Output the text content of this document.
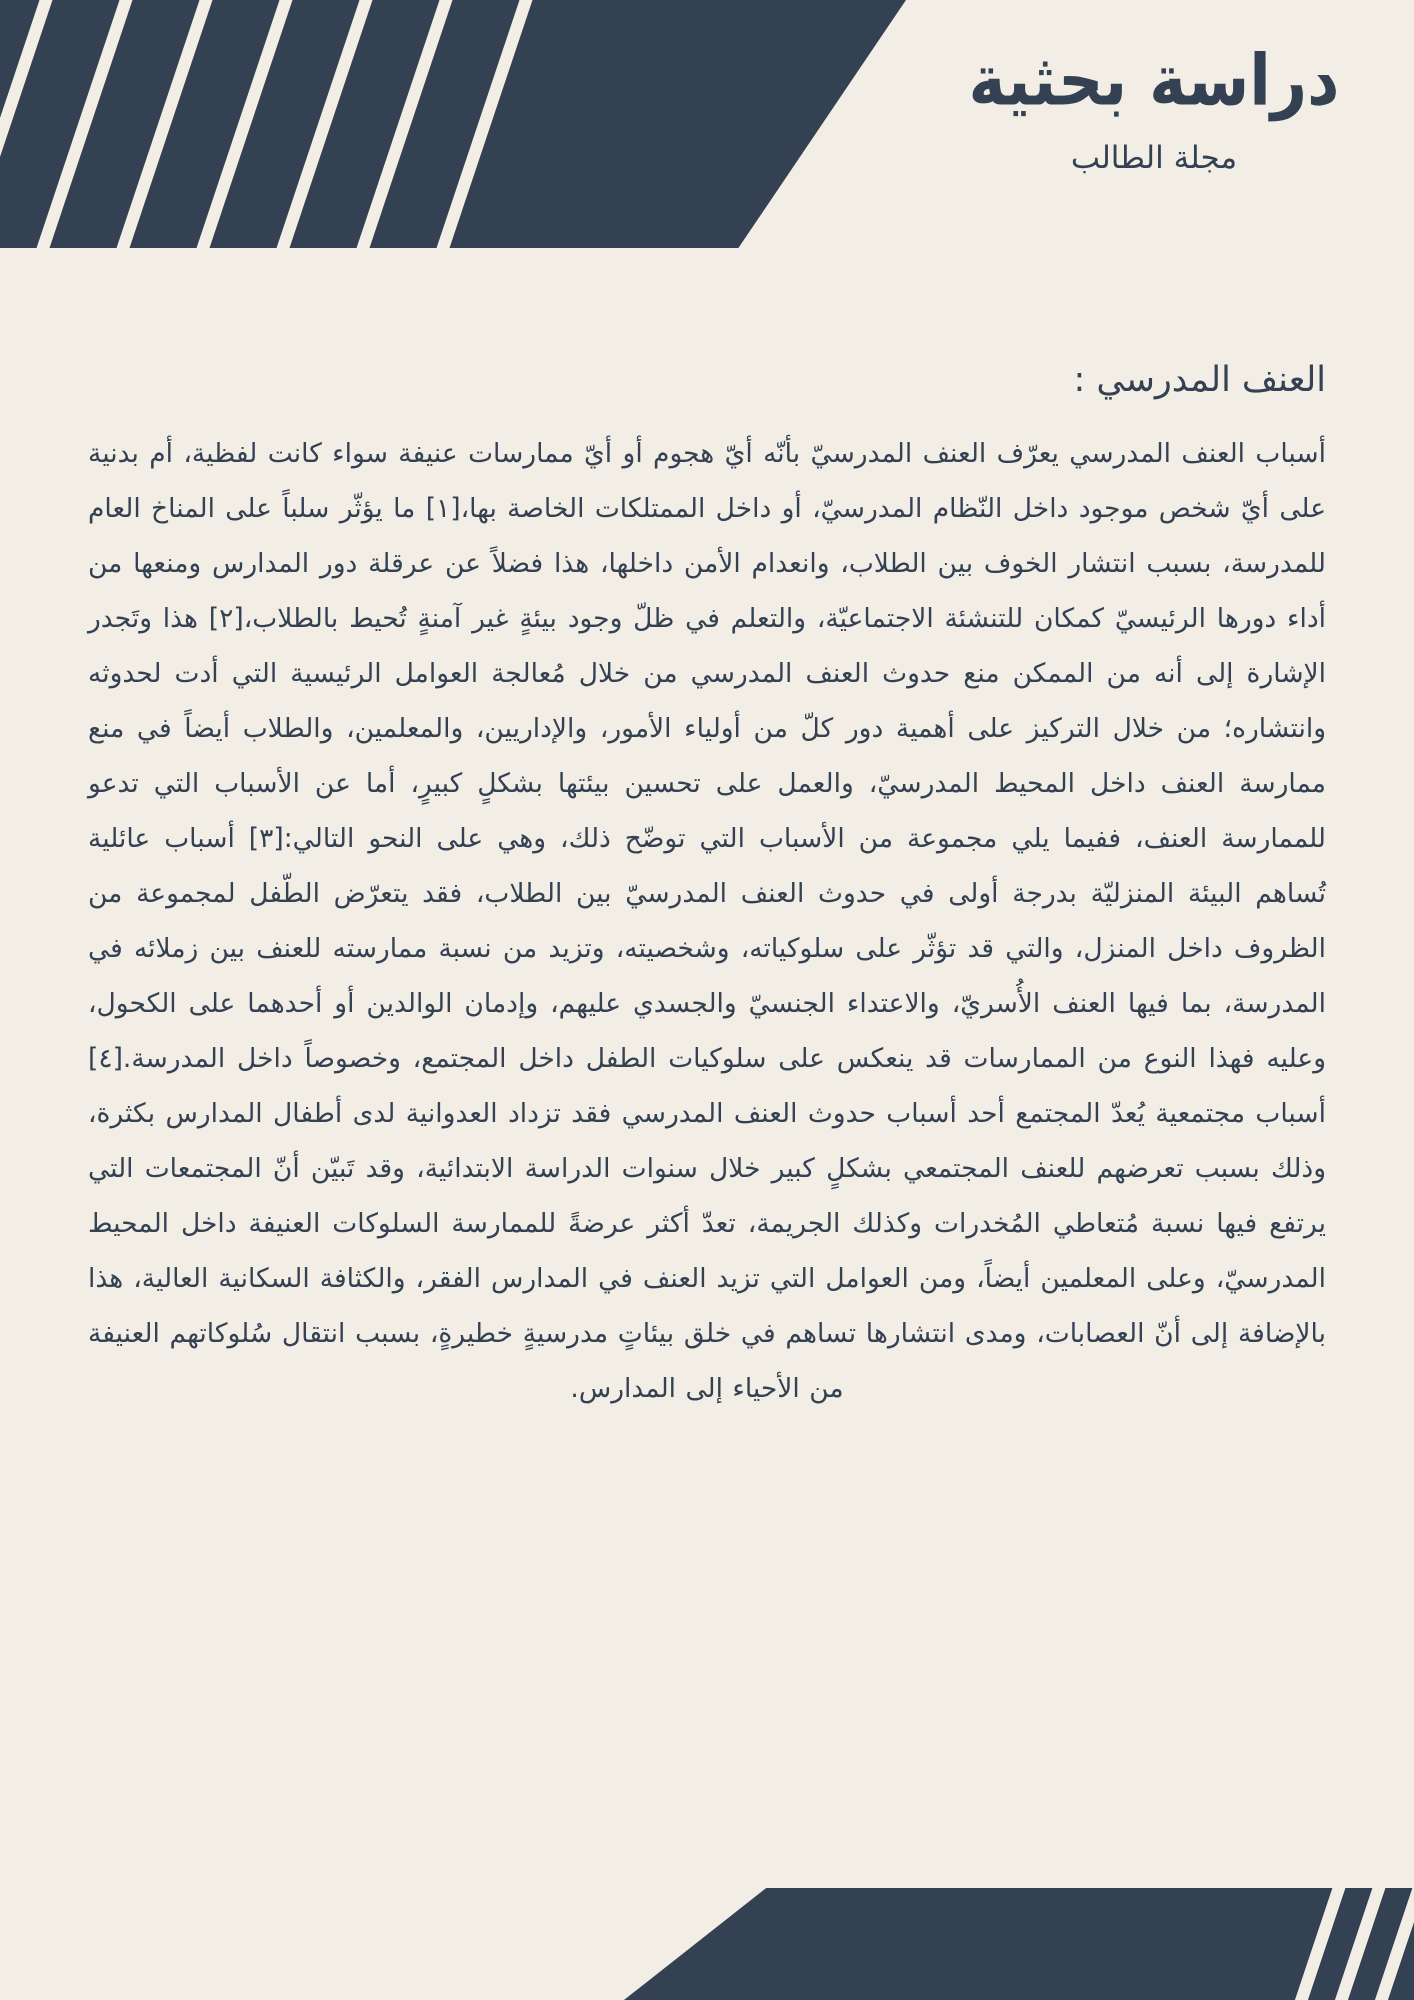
دراسة بحثية
مجلة الطالب
العنف المدرسي :

أسباب العنف المدرسي يعرّف العنف المدرسيّ بأنّه أيّ هجوم أو أيّ ممارسات عنيفة سواء كانت لفظية، أم بدنية على أيّ شخص موجود داخل النّظام المدرسيّ، أو داخل الممتلكات الخاصة بها،[١] ما يؤثّر سلباً على المناخ العام للمدرسة، بسبب انتشار الخوف بين الطلاب، وانعدام الأمن داخلها، هذا فضلاً عن عرقلة دور المدارس ومنعها من أداء دورها الرئيسيّ كمكان للتنشئة الاجتماعيّة، والتعلم في ظلّ وجود بيئةٍ غير آمنةٍ تُحيط بالطلاب،[٢] هذا وتَجدر الإشارة إلى أنه من الممكن منع حدوث العنف المدرسي من خلال مُعالجة العوامل الرئيسية التي أدت لحدوثه وانتشاره؛ من خلال التركيز على أهمية دور كلّ من أولياء الأمور، والإداريين، والمعلمين، والطلاب أيضاً في منع ممارسة العنف داخل المحيط المدرسيّ، والعمل على تحسين بيئتها بشكلٍ كبيرٍ، أما عن الأسباب التي تدعو للممارسة العنف، ففيما يلي مجموعة من الأسباب التي توضّح ذلك، وهي على النحو التالي:[٣] أسباب عائلية تُساهم البيئة المنزليّة بدرجة أولى في حدوث العنف المدرسيّ بين الطلاب، فقد يتعرّض الطّفل لمجموعة من الظروف داخل المنزل، والتي قد تؤثّر على سلوكياته، وشخصيته، وتزيد من نسبة ممارسته للعنف بين زملائه في المدرسة، بما فيها العنف الأُسريّ، والاعتداء الجنسيّ والجسدي عليهم، وإدمان الوالدين أو أحدهما على الكحول، وعليه فهذا النوع من الممارسات قد ينعكس على سلوكيات الطفل داخل المجتمع، وخصوصاً داخل المدرسة.[٤] أسباب مجتمعية يُعدّ المجتمع أحد أسباب حدوث العنف المدرسي فقد تزداد العدوانية لدى أطفال المدارس بكثرة، وذلك بسبب تعرضهم للعنف المجتمعي بشكلٍ كبير خلال سنوات الدراسة الابتدائية، وقد تَبيّن أنّ المجتمعات التي يرتفع فيها نسبة مُتعاطي المُخدرات وكذلك الجريمة، تعدّ أكثر عرضةً للممارسة السلوكات العنيفة داخل المحيط المدرسيّ، وعلى المعلمين أيضاً، ومن العوامل التي تزيد العنف في المدارس الفقر، والكثافة السكانية العالية، هذا بالإضافة إلى أنّ العصابات، ومدى انتشارها تساهم في خلق بيئاتٍ مدرسيةٍ خطيرةٍ، بسبب انتقال سُلوكاتهم العنيفة من الأحياء إلى المدارس.
